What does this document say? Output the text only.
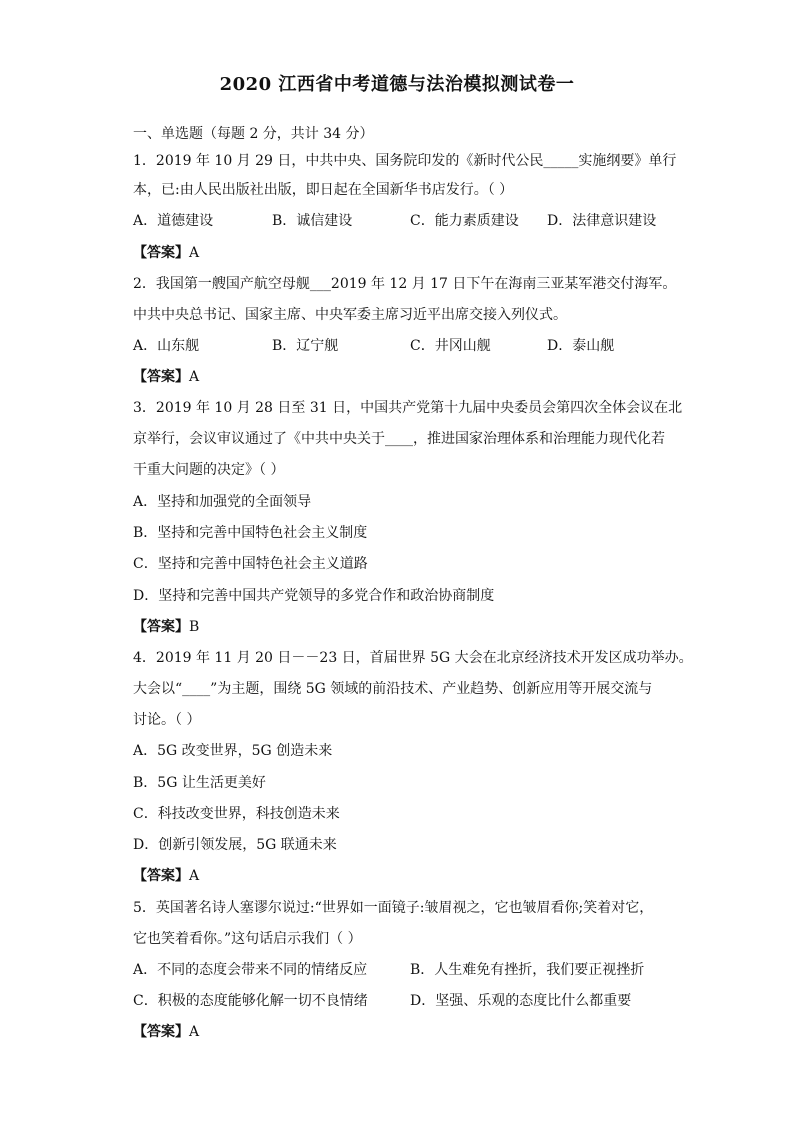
2020 江西省中考道德与法治模拟测试卷一
一、单选题（每题 2 分，共计 34 分）
1．2019 年 10 月 29 日，中共中央、国务院印发的《新时代公民_____实施纲要》单行
本，已:由人民出版社出版，即日起在全国新华书店发行。（ ）
A．道德建设	B．诚信建设	C．能力素质建设 D．法律意识建设
【答案】A
2．我国第一艘国产航空母舰___2019 年 12 月 17 日下午在海南三亚某军港交付海军。
中共中央总书记、国家主席、中央军委主席习近平出席交接入列仪式。
A．山东舰	B．辽宁舰	C．井冈山舰	D．泰山舰
【答案】A
3．2019 年 10 月 28 日至 31 日，中国共产党第十九届中央委员会第四次全体会议在北
京举行，会议审议通过了《中共中央关于____，推进国家治理体系和治理能力现代化若
干重大问题的决定》（ ）
A．坚持和加强党的全面领导
B．坚持和完善中国特色社会主义制度
C．坚持和完善中国特色社会主义道路
D．坚持和完善中国共产党领导的多党合作和政治协商制度
【答案】B
4．2019 年 11 月 20 日－－23 日，首届世界 5G 大会在北京经济技术开发区成功举办。
大会以“____”为主题，围绕 5G 领域的前沿技术、产业趋势、创新应用等开展交流与
讨论。（ ）
A．5G 改变世界，5G 创造未来
B．5G 让生活更美好
C．科技改变世界，科技创造未来
D．创新引领发展，5G 联通未来
【答案】A
5．英国著名诗人塞谬尔说过:“世界如一面镜子:皱眉视之，它也皱眉看你;笑着对它，
它也笑着看你。”这句话启示我们（ ）
A．不同的态度会带来不同的情绪反应	B．人生难免有挫折，我们要正视挫折
C．积极的态度能够化解一切不良情绪	D．坚强、乐观的态度比什么都重要
【答案】A
